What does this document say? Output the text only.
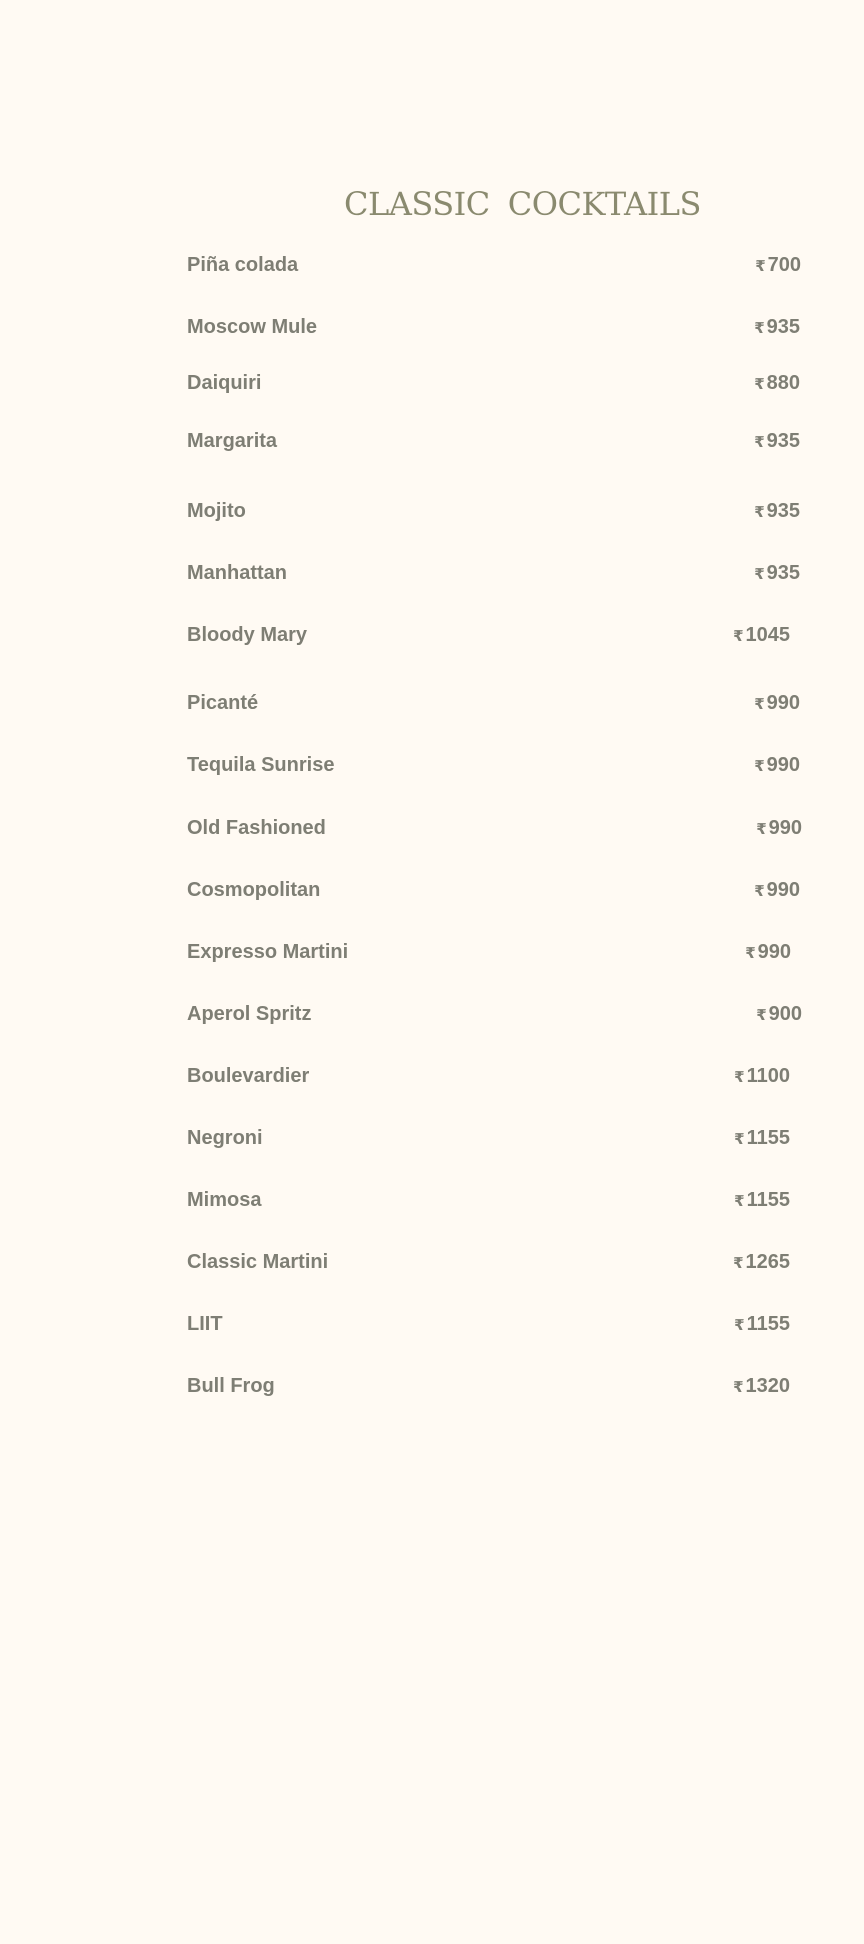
CLASSIC COCKTAILS
Piña colada	₹ 700
Moscow Mule	₹ 935
Daiquiri	₹ 880
Margarita	₹ 935
Mojito	₹ 935
Manhattan	₹ 935
Bloody Mary	₹ 1045
Picanté	₹ 990
Tequila Sunrise	₹ 990
Old Fashioned	₹ 990
Cosmopolitan	₹ 990
Expresso Martini	₹ 990
Aperol Spritz	₹ 900
Boulevardier	₹ 1100
Negroni	₹ 1155
Mimosa	₹ 1155
Classic Martini	₹ 1265
LIIT	₹ 1155
Bull Frog	₹ 1320
